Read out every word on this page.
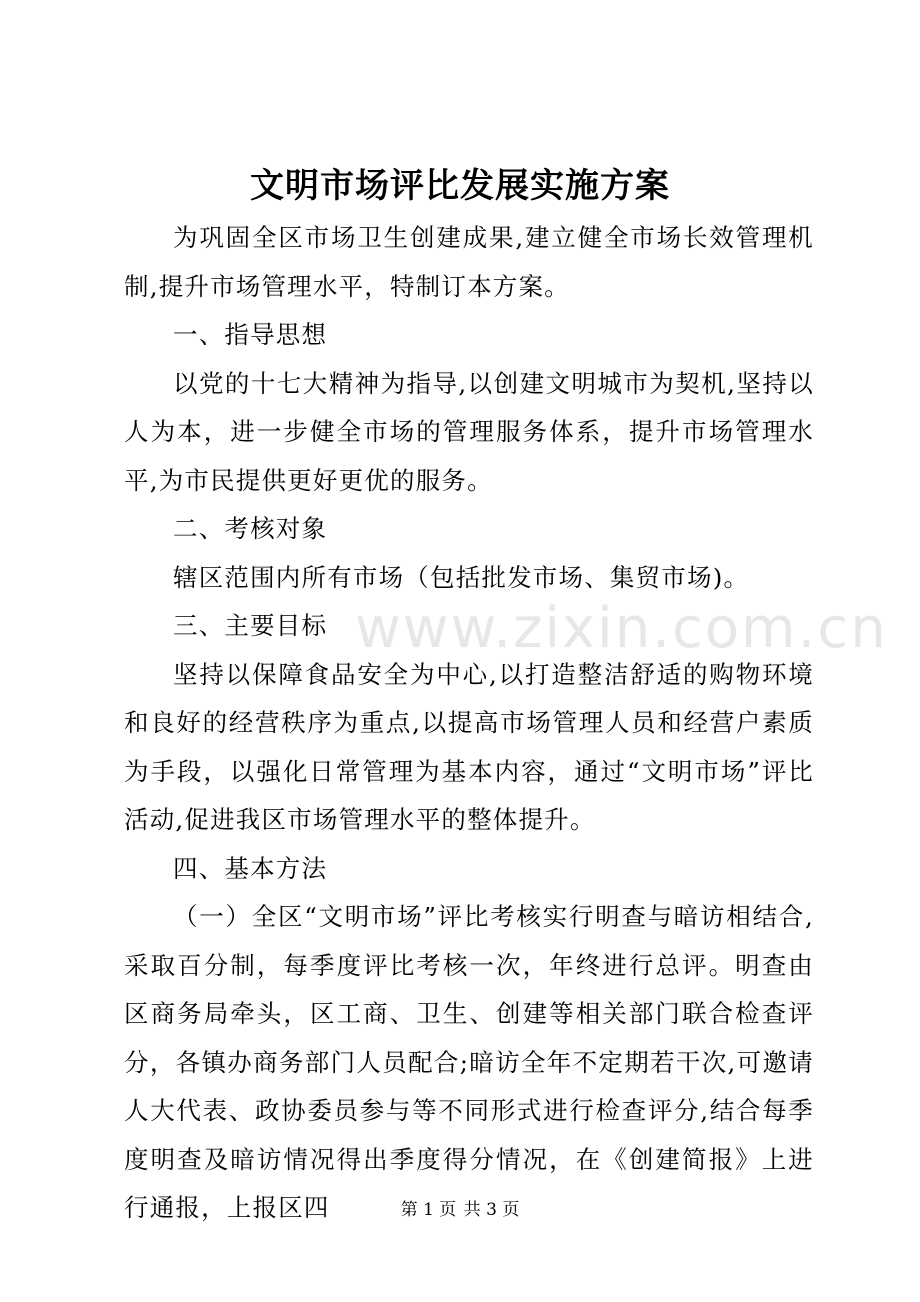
文明市场评比发展实施方案

为巩固全区市场卫生创建成果,建立健全市场长效管理机制,提升市场管理水平，特制订本方案。

一、指导思想

以党的十七大精神为指导,以创建文明城市为契机,坚持以人为本，进一步健全市场的管理服务体系，提升市场管理水平,为市民提供更好更优的服务。

二、考核对象

辖区范围内所有市场（包括批发市场、集贸市场)。

三、主要目标

坚持以保障食品安全为中心,以打造整洁舒适的购物环境和良好的经营秩序为重点,以提高市场管理人员和经营户素质为手段，以强化日常管理为基本内容，通过“文明市场”评比活动,促进我区市场管理水平的整体提升。

四、基本方法

（一）全区“文明市场”评比考核实行明查与暗访相结合,采取百分制，每季度评比考核一次，年终进行总评。明查由区商务局牵头，区工商、卫生、创建等相关部门联合检查评分，各镇办商务部门人员配合;暗访全年不定期若干次,可邀请人大代表、政协委员参与等不同形式进行检查评分,结合每季度明查及暗访情况得出季度得分情况，在《创建简报》上进行通报，上报区四

www.zixin.com.cn
第 1 页 共 3 页
